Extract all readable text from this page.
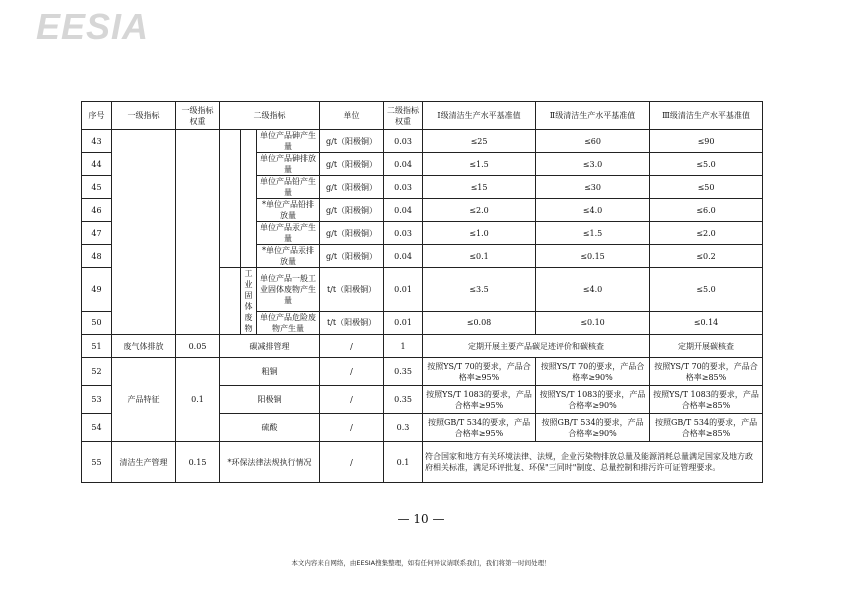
EESIA
序号	一级指标	一级指标权重	二级指标			单位	二级指标权重	Ⅰ级清洁生产水平基准值	Ⅱ级清洁生产水平基准值	Ⅲ级清洁生产水平基准值
43					单位产品砷产生量	g/t（阳极铜）	0.03	≤25	≤60	≤90
44					单位产品砷排放量	g/t（阳极铜）	0.04	≤1.5	≤3.0	≤5.0
45					单位产品铅产生量	g/t（阳极铜）	0.03	≤15	≤30	≤50
46					*单位产品铅排放量	g/t（阳极铜）	0.04	≤2.0	≤4.0	≤6.0
47					单位产品汞产生量	g/t（阳极铜）	0.03	≤1.0	≤1.5	≤2.0
48					*单位产品汞排放量	g/t（阳极铜）	0.04	≤0.1	≤0.15	≤0.2
49				工业固体废物	单位产品一般工业固体废物产生量	t/t（阳极铜）	0.01	≤3.5	≤4.0	≤5.0
50					单位产品危险废物产生量	t/t（阳极铜）	0.01	≤0.08	≤0.10	≤0.14
51	废气体排放	0.05	碳减排管理			/	1	定期开展主要产品碳足迹评价和碳核查		定期开展碳核查
52	产品特征	0.1	粗铜			/	0.35	按照YS/T 70的要求，产品合格率≥95%	按照YS/T 70的要求，产品合格率≥90%	按照YS/T 70的要求，产品合格率≥85%
53			阳极铜			/	0.35	按照YS/T 1083的要求，产品合格率≥95%	按照YS/T 1083的要求，产品合格率≥90%	按照YS/T 1083的要求，产品合格率≥85%
54			硫酸			/	0.3	按照GB/T 534的要求，产品合格率≥95%	按照GB/T 534的要求，产品合格率≥90%	按照GB/T 534的要求，产品合格率≥85%
55	清洁生产管理	0.15	*环保法律法规执行情况			/	0.1	符合国家和地方有关环境法律、法规，企业污染物排放总量及能源消耗总量满足国家及地方政府相关标准，满足环评批复、环保"三同时"制度、总量控制和排污许可证管理要求。		
— 10 —
本文内容来自网络，由EESIA搜集整理，如有任何异议请联系我们，我们将第一时间处理！
